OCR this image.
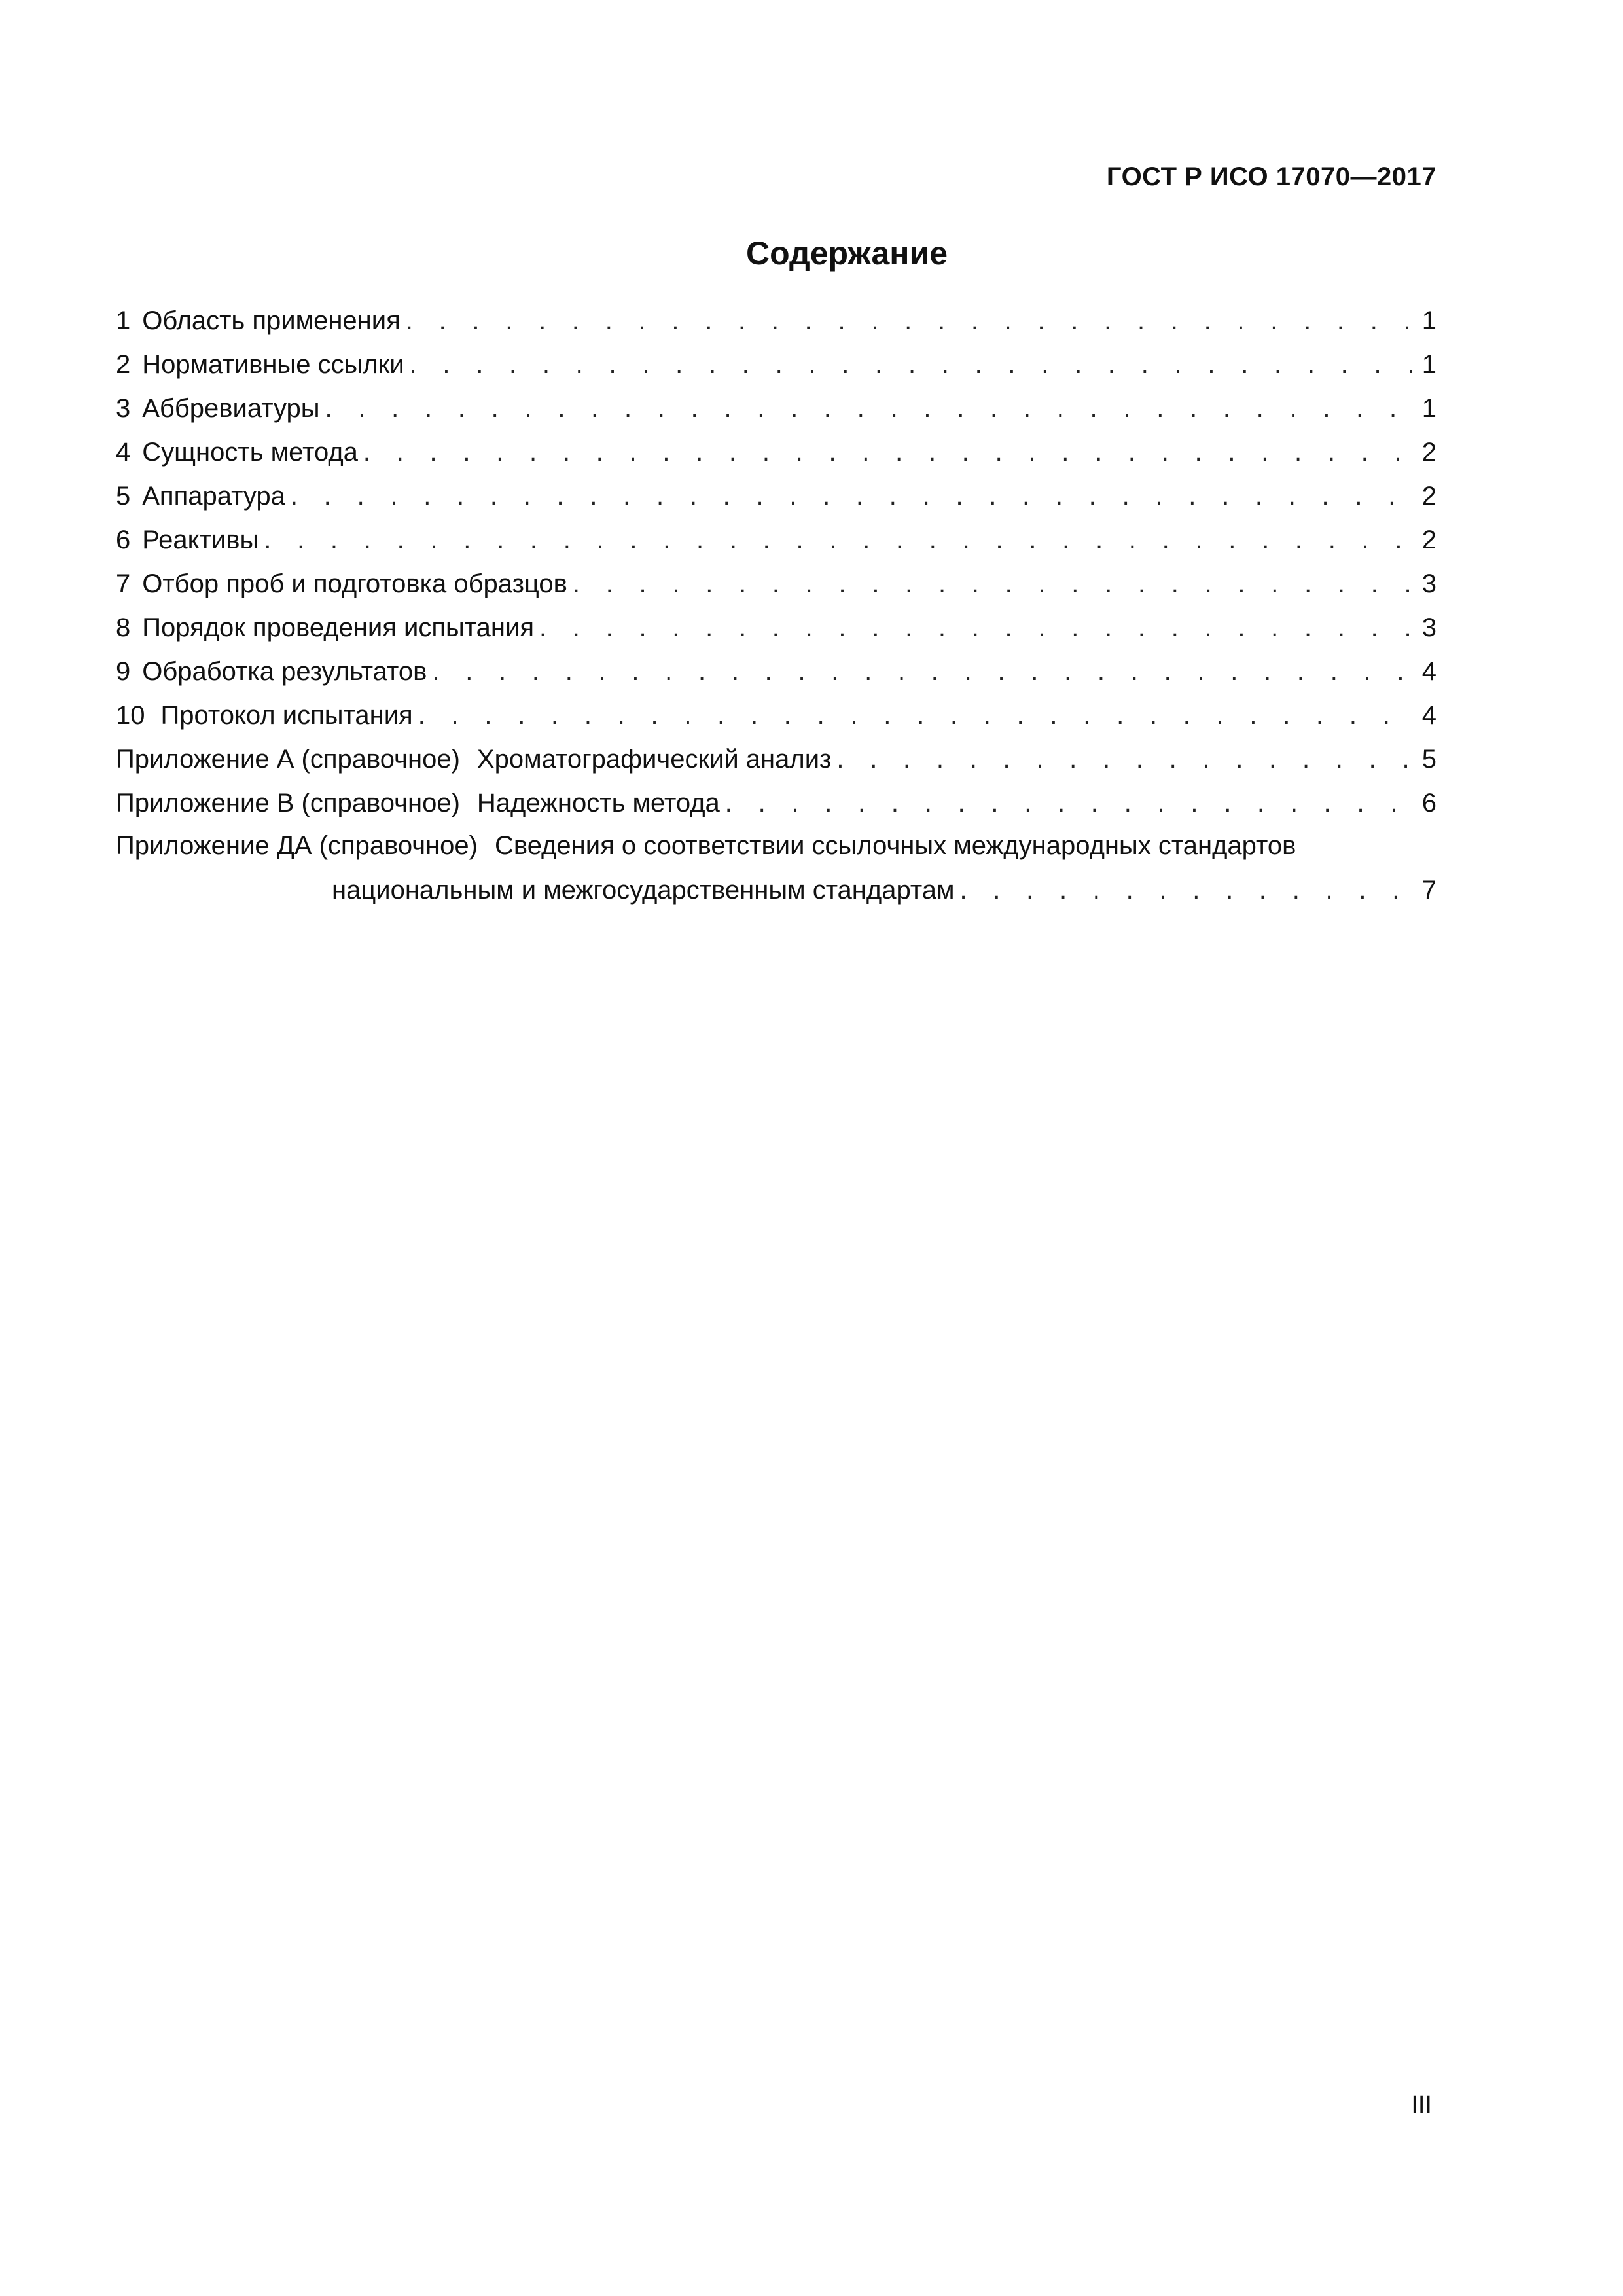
ГОСТ Р ИСО 17070—2017
Содержание
1 Область применения . . .	1
2 Нормативные ссылки . . .	1
3 Аббревиатуры . . .	1
4 Сущность метода . . .	2
5 Аппаратура . . .	2
6 Реактивы . . .	2
7 Отбор проб и подготовка образцов . . .	3
8 Порядок проведения испытания . . .	3
9 Обработка результатов . . .	4
10 Протокол испытания . . .	4
Приложение А (справочное) Хроматографический анализ . . .	5
Приложение В (справочное) Надежность метода . . .	6
Приложение ДА (справочное) Сведения о соответствии ссылочных международных стандартов
национальным и межгосударственным стандартам . . .	7
III
